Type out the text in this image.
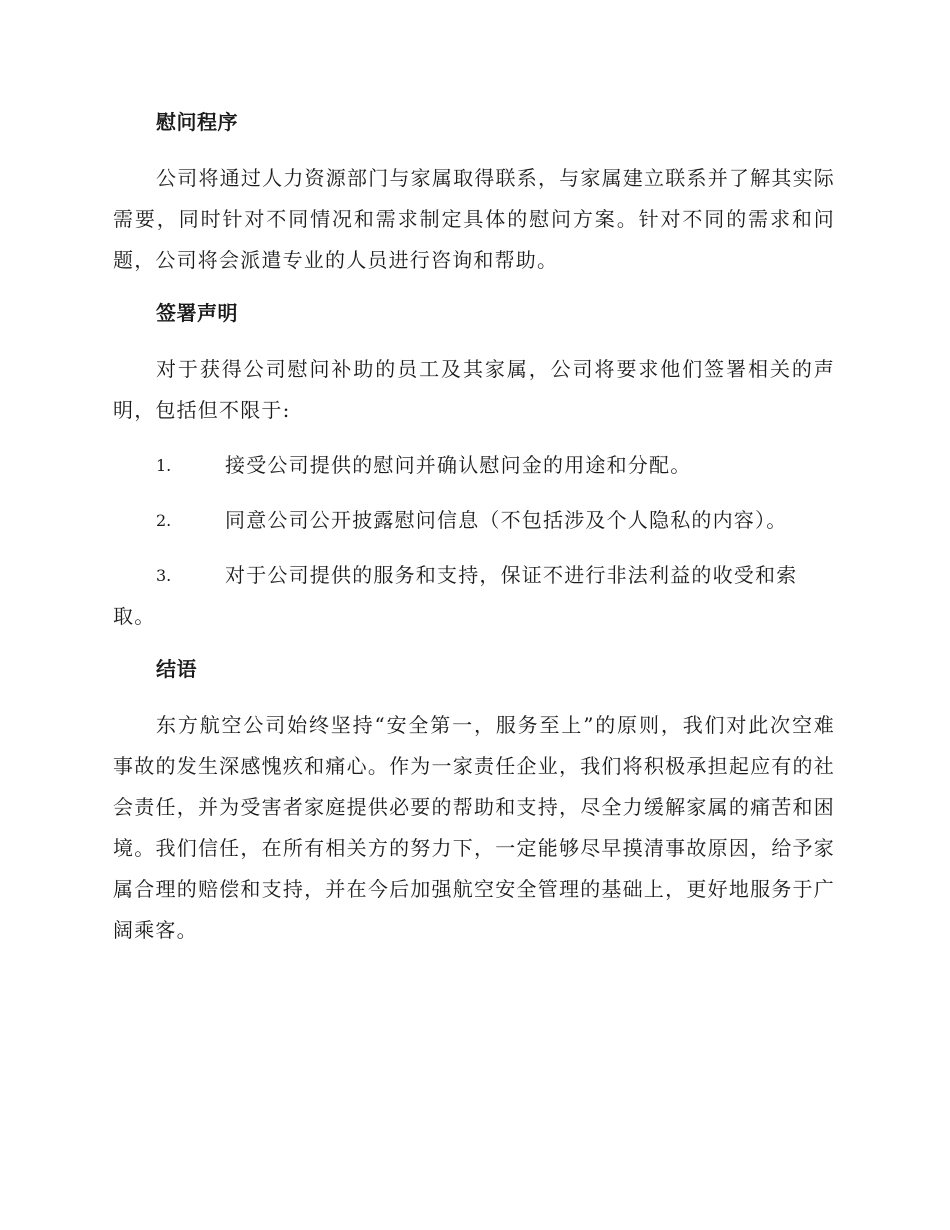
慰问程序

公司将通过人力资源部门与家属取得联系，与家属建立联系并了解其实际需要，同时针对不同情况和需求制定具体的慰问方案。针对不同的需求和问题，公司将会派遣专业的人员进行咨询和帮助。

签署声明

对于获得公司慰问补助的员工及其家属，公司将要求他们签署相关的声明，包括但不限于:

1.	接受公司提供的慰问并确认慰问金的用途和分配。
2.	同意公司公开披露慰问信息（不包括涉及个人隐私的内容）。
3.	对于公司提供的服务和支持，保证不进行非法利益的收受和索取。
结语

东方航空公司始终坚持“安全第一，服务至上”的原则，我们对此次空难事故的发生深感愧疚和痛心。作为一家责任企业，我们将积极承担起应有的社会责任，并为受害者家庭提供必要的帮助和支持，尽全力缓解家属的痛苦和困境。我们信任，在所有相关方的努力下，一定能够尽早摸清事故原因，给予家属合理的赔偿和支持，并在今后加强航空安全管理的基础上，更好地服务于广阔乘客。
